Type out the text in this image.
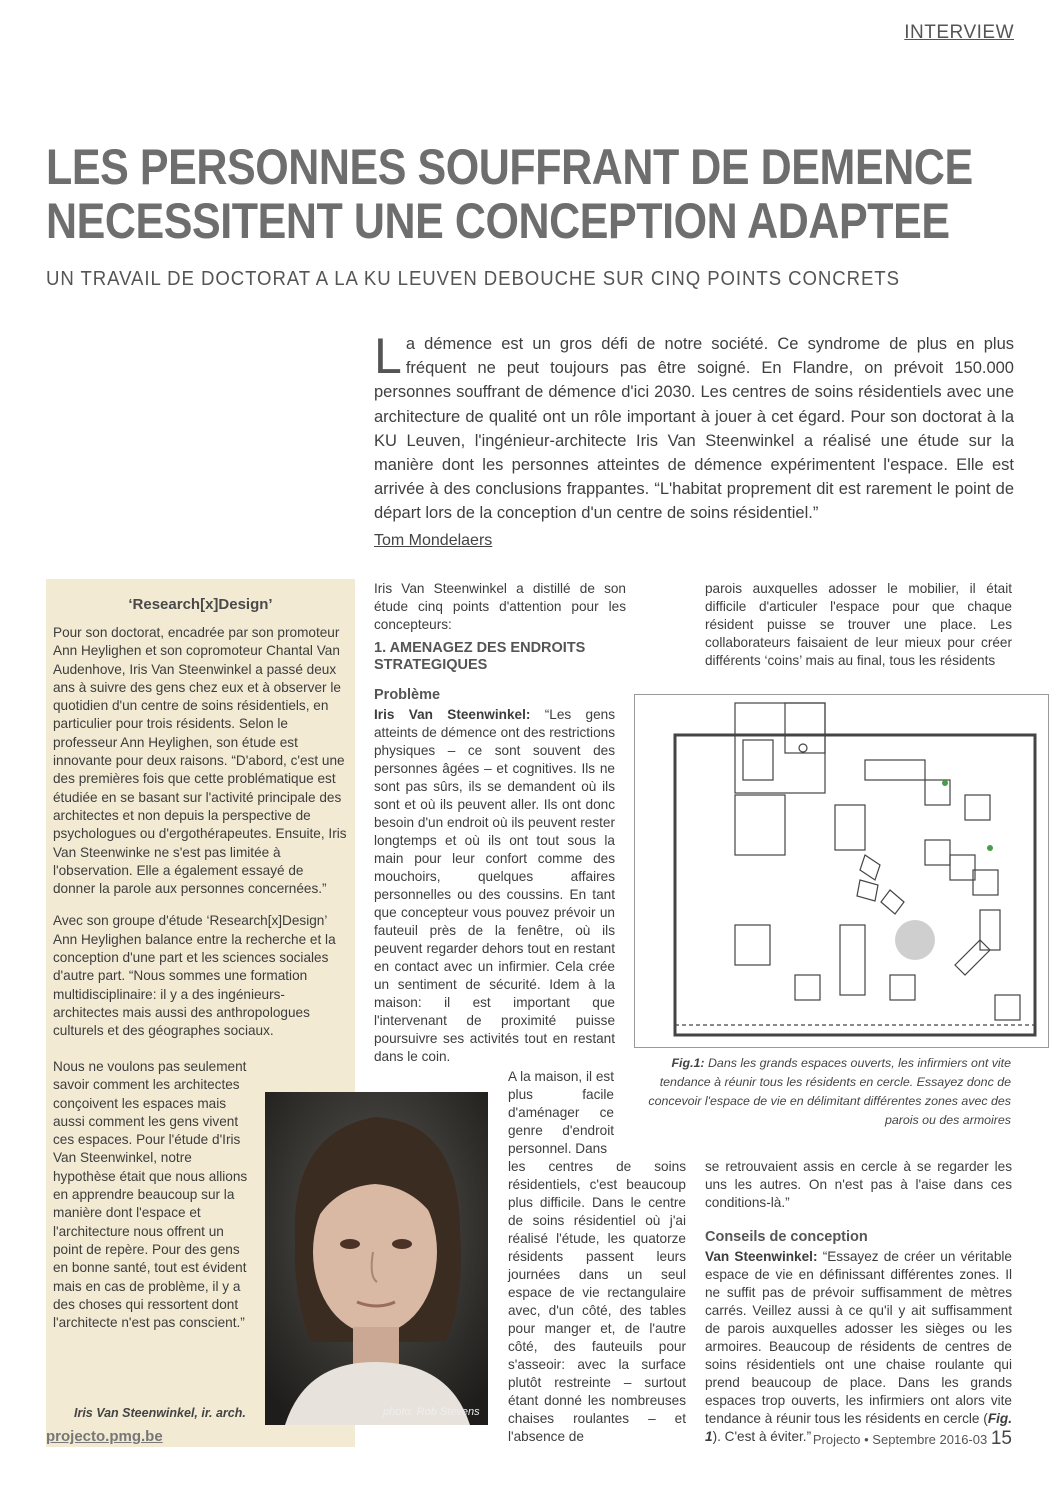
INTERVIEW
LES PERSONNES SOUFFRANT DE DEMENCE
NECESSITENT UNE CONCEPTION ADAPTEE
UN TRAVAIL DE DOCTORAT A LA KU LEUVEN DEBOUCHE SUR CINQ POINTS CONCRETS
La démence est un gros défi de notre société. Ce syndrome de plus en plus fréquent ne peut toujours pas être soigné. En Flandre, on prévoit 150.000 personnes souffrant de démence d'ici 2030. Les centres de soins résidentiels avec une architecture de qualité ont un rôle important à jouer à cet égard. Pour son doctorat à la KU Leuven, l'ingénieur-architecte Iris Van Steenwinkel a réalisé une étude sur la manière dont les personnes atteintes de démence expérimentent l'espace. Elle est arrivée à des conclusions frappantes. “L'habitat proprement dit est rarement le point de départ lors de la conception d'un centre de soins résidentiel.”
Tom Mondelaers
‘Research[x]Design’

Pour son doctorat, encadrée par son promoteur Ann Heylighen et son copromoteur Chantal Van Audenhove, Iris Van Steenwinkel a passé deux ans à suivre des gens chez eux et à observer le quotidien d'un centre de soins résidentiels, en particulier pour trois résidents. Selon le professeur Ann Heylighen, son étude est innovante pour deux raisons. “D'abord, c'est une des premières fois que cette problématique est étudiée en se basant sur l'activité principale des architectes et non depuis la perspective de psychologues ou d'ergothérapeutes. Ensuite, Iris Van Steenwinke ne s'est pas limitée à l'observation. Elle a également essayé de donner la parole aux personnes concernées.”

Avec son groupe d'étude ‘Research[x]Design’ Ann Heylighen balance entre la recherche et la conception d'une part et les sciences sociales d'autre part. “Nous sommes une formation multidisciplinaire: il y a des ingénieurs-architectes mais aussi des anthropologues culturels et des géographes sociaux.

Nous ne voulons pas seulement savoir comment les architectes conçoivent les espaces mais aussi comment les gens vivent ces espaces. Pour l'étude d'Iris Van Steenwinkel, notre hypothèse était que nous allions en apprendre beaucoup sur la manière dont l'espace et l'architecture nous offrent un point de repère. Pour des gens en bonne santé, tout est évident mais en cas de problème, il y a des choses qui ressortent dont l'architecte n'est pas conscient.”
Iris Van Steenwinkel, ir. arch.	photo: Rob Stevens
Iris Van Steenwinkel a distillé de son étude cinq points d'attention pour les concepteurs:
1. AMENAGEZ DES ENDROITS STRATEGIQUES
Problème
Iris Van Steenwinkel: “Les gens atteints de démence ont des restrictions physiques – ce sont souvent des personnes âgées – et cognitives. Ils ne sont pas sûrs, ils se demandent où ils sont et où ils peuvent aller. Ils ont donc besoin d'un endroit où ils peuvent rester longtemps et où ils ont tout sous la main pour leur confort comme des mouchoirs, quelques affaires personnelles ou des coussins. En tant que concepteur vous pouvez prévoir un fauteuil près de la fenêtre, où ils peuvent regarder dehors tout en restant en contact avec un infirmier. Cela crée un sentiment de sécurité. Idem à la maison: il est important que l'intervenant de proximité puisse poursuivre ses activités tout en restant dans le coin.
A la maison, il est plus facile d'aménager ce genre d'endroit personnel. Dans
les centres de soins résidentiels, c'est beaucoup plus difficile. Dans le centre de soins résidentiel où j'ai réalisé l'étude, les quatorze résidents passent leurs journées dans un seul espace de vie rectangulaire avec, d'un côté, des tables pour manger et, de l'autre côté, des fauteuils pour s'asseoir: avec la surface plutôt restreinte – surtout étant donné les nombreuses chaises roulantes – et l'absence de
parois auxquelles adosser le mobilier, il était difficile d'articuler l'espace pour que chaque résident puisse se trouver une place. Les collaborateurs faisaient de leur mieux pour créer différents ‘coins’ mais au final, tous les résidents
Fig.1: Dans les grands espaces ouverts, les infirmiers ont vite tendance à réunir tous les résidents en cercle. Essayez donc de concevoir l'espace de vie en délimitant différentes zones avec des parois ou des armoires
se retrouvaient assis en cercle à se regarder les uns les autres. On n'est pas à l'aise dans ces conditions-là.”
Conseils de conception
Van Steenwinkel: “Essayez de créer un véritable espace de vie en définissant différentes zones. Il ne suffit pas de prévoir suffisamment de mètres carrés. Veillez aussi à ce qu'il y ait suffisamment de parois auxquelles adosser les sièges ou les armoires. Beaucoup de résidents de centres de soins résidentiels ont une chaise roulante qui prend beaucoup de place. Dans les grands espaces trop ouverts, les infirmiers ont alors vite tendance à réunir tous les résidents en cercle (Fig. 1). C'est à éviter.”
projecto.pmg.be	Projecto • Septembre 2016-03 15
